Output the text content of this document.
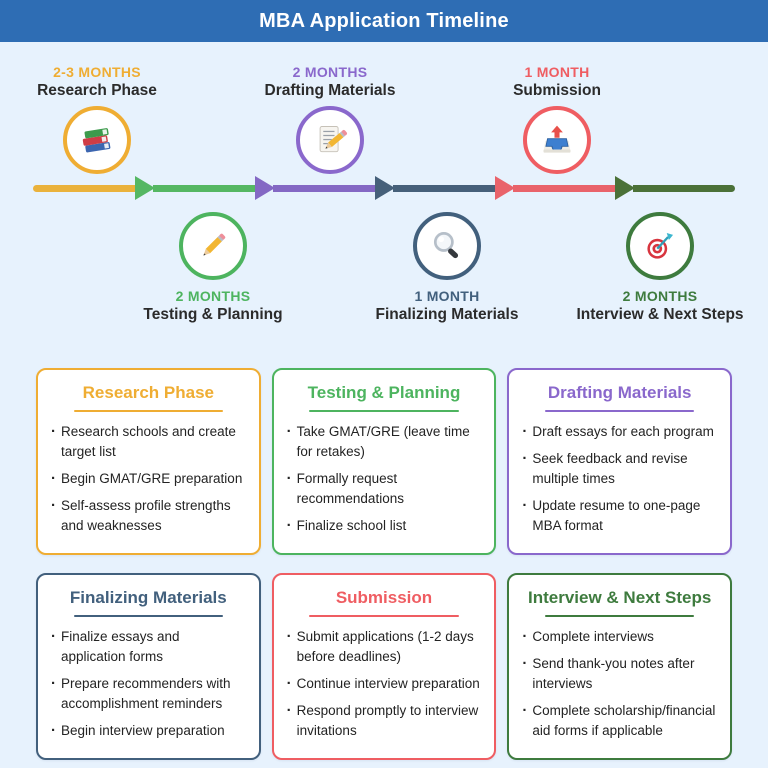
MBA Application Timeline
2-3 MONTHS
Research Phase
2 MONTHS
Drafting Materials
1 MONTH
Submission
2 MONTHS
Testing & Planning
1 MONTH
Finalizing Materials
2 MONTHS
Interview & Next Steps
Research Phase
· Research schools and create target list
· Begin GMAT/GRE preparation
· Self-assess profile strengths and weaknesses
Testing & Planning
· Take GMAT/GRE (leave time for retakes)
· Formally request recommendations
· Finalize school list
Drafting Materials
· Draft essays for each program
· Seek feedback and revise multiple times
· Update resume to one-page MBA format
Finalizing Materials
· Finalize essays and application forms
· Prepare recommenders with accomplishment reminders
· Begin interview preparation
Submission
· Submit applications (1-2 days before deadlines)
· Continue interview preparation
· Respond promptly to interview invitations
Interview & Next Steps
· Complete interviews
· Send thank-you notes after interviews
· Complete scholarship/​financial aid forms if applicable
